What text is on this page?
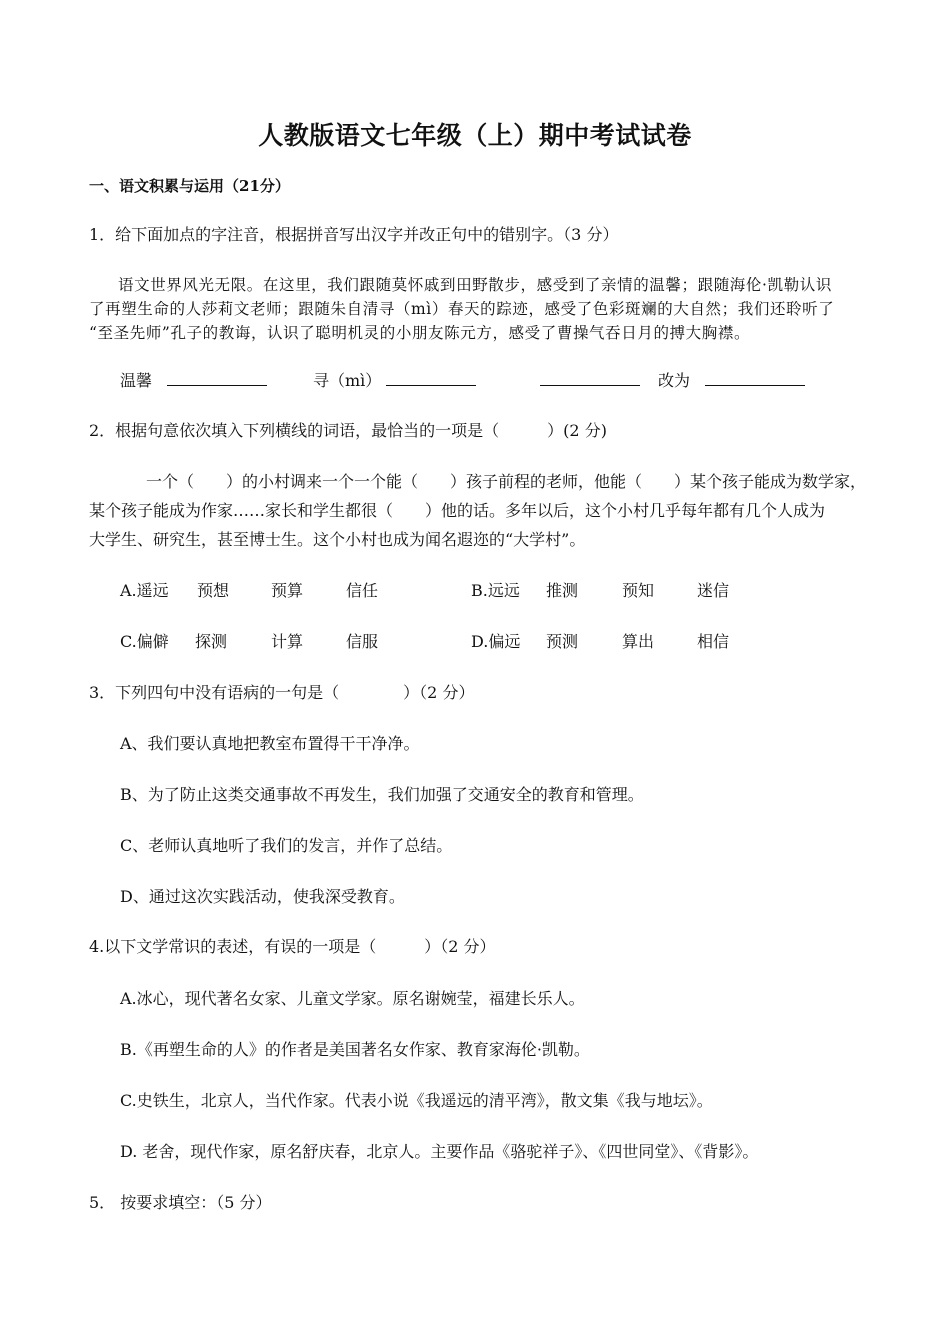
人教版语文七年级（上）期中考试试卷
一、语文积累与运用（21分）
1．给下面加点的字注音，根据拼音写出汉字并改正句中的错别字。（3 分）
语文世界风光无限。在这里，我们跟随莫怀戚到田野散步，感受到了亲情的温馨；跟随海伦·凯勒认识
了再塑生命的人莎莉文老师；跟随朱自清寻（mì）春天的踪迹，感受了色彩斑斓的大自然；我们还聆听了
“至圣先师”孔子的教诲，认识了聪明机灵的小朋友陈元方，感受了曹操气吞日月的搏大胸襟。
温馨	寻（mì）	改为
2．根据句意依次填入下列横线的词语，最恰当的一项是（　　　）(2 分)
一个（　　）的小村调来一个一个能（　　）孩子前程的老师，他能（　　）某个孩子能成为数学家，
某个孩子能成为作家……家长和学生都很（　　）他的话。多年以后，这个小村几乎每年都有几个人成为
大学生、研究生，甚至博士生。这个小村也成为闻名遐迩的“大学村”。
A.遥远 预想	预算	信任	B.远远 推测	预知	迷信
C.偏僻 探测	计算	信服	D.偏远 预测	算出	相信
3．下列四句中没有语病的一句是（　　　　）（2 分）
A、我们要认真地把教室布置得干干净净。
B、为了防止这类交通事故不再发生，我们加强了交通安全的教育和管理。
C、老师认真地听了我们的发言，并作了总结。
D、通过这次实践活动，使我深受教育。
4.以下文学常识的表述，有误的一项是（　　　）（2 分）
A.冰心，现代著名女家、儿童文学家。原名谢婉莹，福建长乐人。
B.《再塑生命的人》的作者是美国著名女作家、教育家海伦·凯勒。
C.史铁生，北京人，当代作家。代表小说《我遥远的清平湾》，散文集《我与地坛》。
D. 老舍，现代作家，原名舒庆春，北京人。主要作品《骆驼祥子》、《四世同堂》、《背影》。
5． 按要求填空：（5 分）
